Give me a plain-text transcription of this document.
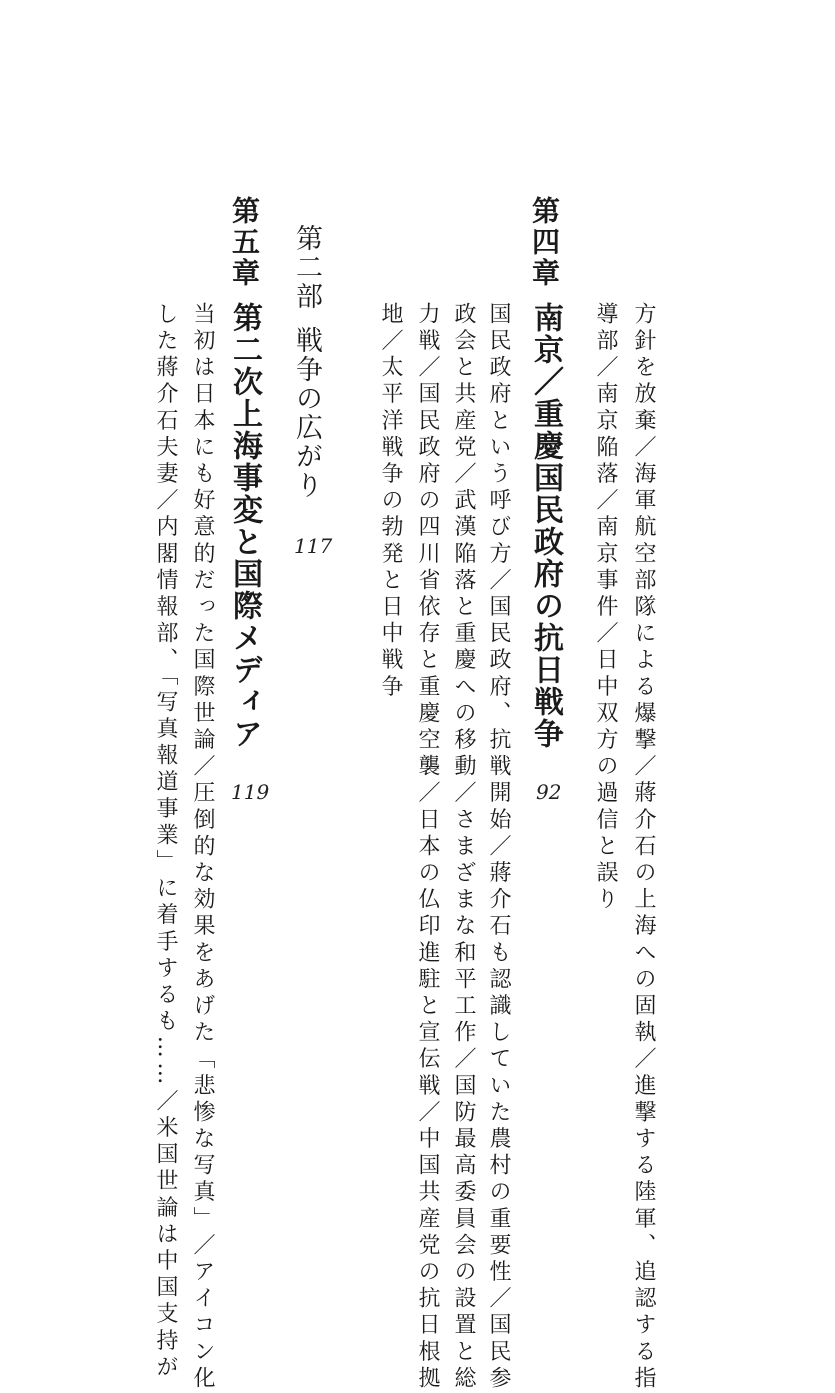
方針を放棄／海軍航空部隊による爆撃／蔣介石の上海への固執／進撃する陸軍、追認する指
導部／南京陥落／南京事件／日中双方の過信と誤り
第四章
南京／重慶国民政府の抗日戦争
92
国民政府という呼び方／国民政府、抗戦開始／蔣介石も認識していた農村の重要性／国民参
政会と共産党／武漢陥落と重慶への移動／さまざまな和平工作／国防最高委員会の設置と総
力戦／国民政府の四川省依存と重慶空襲／日本の仏印進駐と宣伝戦／中国共産党の抗日根拠
地／太平洋戦争の勃発と日中戦争
第二部
戦争の広がり
117
第五章
第二次上海事変と国際メディア
119
当初は日本にも好意的だった国際世論／圧倒的な効果をあげた「悲惨な写真」／アイコン化
した蔣介石夫妻／内閣情報部、「写真報道事業」に着手するも……／米国世論は中国支持が
